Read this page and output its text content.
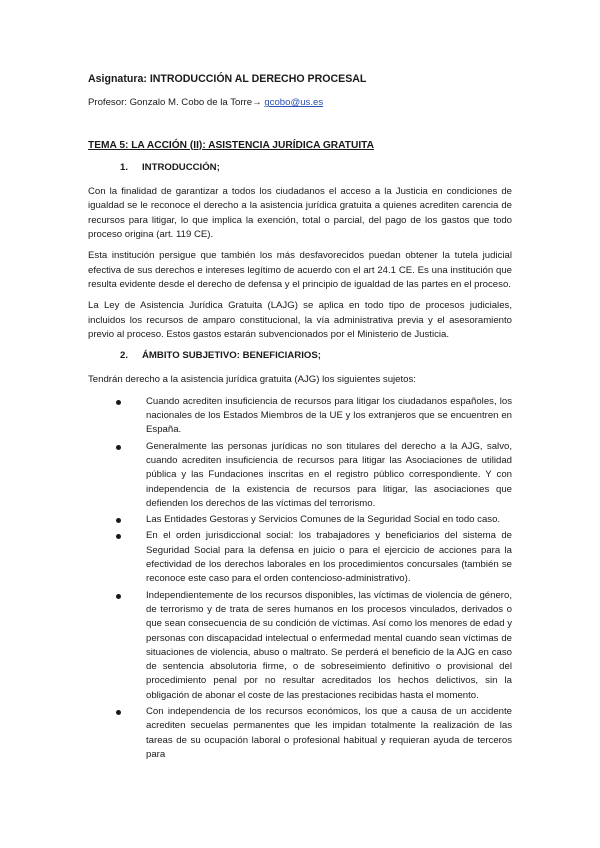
Asignatura: INTRODUCCIÓN AL DERECHO PROCESAL
Profesor: Gonzalo M. Cobo de la Torre→ gcobo@us.es
TEMA 5: LA ACCIÓN (II): ASISTENCIA JURÍDICA GRATUITA
1.	INTRODUCCIÓN;

Con la finalidad de garantizar a todos los ciudadanos el acceso a la Justicia en condiciones de igualdad se le reconoce el derecho a la asistencia jurídica gratuita a quienes acrediten carencia de recursos para litigar, lo que implica la exención, total o parcial, del pago de los gastos que todo proceso origina (art. 119 CE).

Esta institución persigue que también los más desfavorecidos puedan obtener la tutela judicial efectiva de sus derechos e intereses legítimo de acuerdo con el art 24.1 CE. Es una institución que resulta evidente desde el derecho de defensa y el principio de igualdad de las partes en el proceso.

La Ley de Asistencia Jurídica Gratuita (LAJG) se aplica en todo tipo de procesos judiciales, incluidos los recursos de amparo constitucional, la vía administrativa previa y el asesoramiento previo al proceso. Estos gastos estarán subvencionados por el Ministerio de Justicia.

2.	ÁMBITO SUBJETIVO: BENEFICIARIOS;

Tendrán derecho a la asistencia jurídica gratuita (AJG) los siguientes sujetos:

Cuando acrediten insuficiencia de recursos para litigar los ciudadanos españoles, los nacionales de los Estados Miembros de la UE y los extranjeros que se encuentren en España.
Generalmente las personas jurídicas no son titulares del derecho a la AJG, salvo, cuando acrediten insuficiencia de recursos para litigar las Asociaciones de utilidad pública y las Fundaciones inscritas en el registro público correspondiente. Y con independencia de la existencia de recursos para litigar, las asociaciones que defienden los derechos de las víctimas del terrorismo.
Las Entidades Gestoras y Servicios Comunes de la Seguridad Social en todo caso.
En el orden jurisdiccional social: los trabajadores y beneficiarios del sistema de Seguridad Social para la defensa en juicio o para el ejercicio de acciones para la efectividad de los derechos laborales en los procedimientos concursales (también se reconoce este caso para el orden contencioso-administrativo).
Independientemente de los recursos disponibles, las víctimas de violencia de género, de terrorismo y de trata de seres humanos en los procesos vinculados, derivados o que sean consecuencia de su condición de víctimas. Así como los menores de edad y personas con discapacidad intelectual o enfermedad mental cuando sean víctimas de situaciones de violencia, abuso o maltrato. Se perderá el beneficio de la AJG en caso de sentencia absolutoria firme, o de sobreseimiento definitivo o provisional del procedimiento penal por no resultar acreditados los hechos delictivos, sin la obligación de abonar el coste de las prestaciones recibidas hasta el momento.
Con independencia de los recursos económicos, los que a causa de un accidente acrediten secuelas permanentes que les impidan totalmente la realización de las tareas de su ocupación laboral o profesional habitual y requieran ayuda de terceros para
